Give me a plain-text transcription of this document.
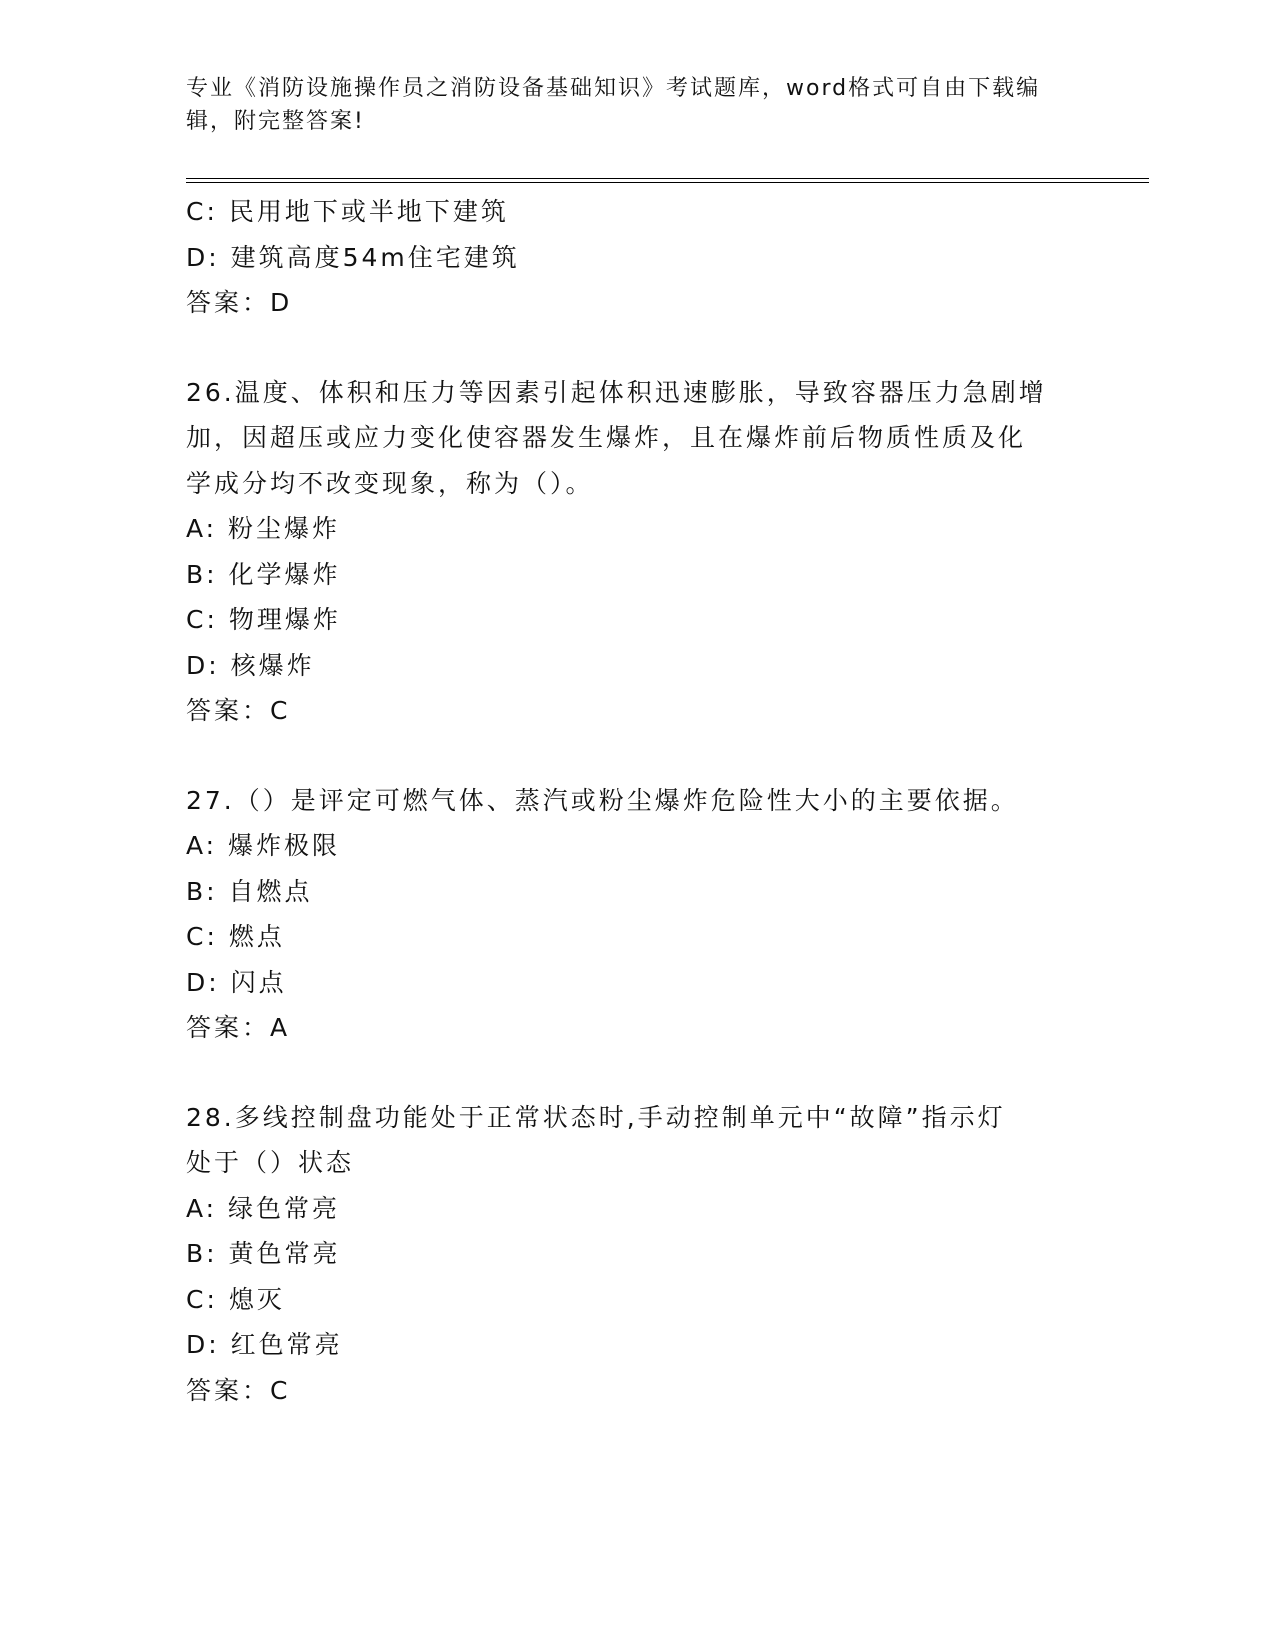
专业《消防设施操作员之消防设备基础知识》考试题库，word格式可自由下载编
辑，附完整答案!
C: 民用地下或半地下建筑
D: 建筑高度54m住宅建筑
答案：D
26.温度、体积和压力等因素引起体积迅速膨胀，导致容器压力急剧增
加，因超压或应力变化使容器发生爆炸，且在爆炸前后物质性质及化
学成分均不改变现象，称为（）。
A: 粉尘爆炸
B: 化学爆炸
C: 物理爆炸
D: 核爆炸
答案：C
27.（）是评定可燃气体、蒸汽或粉尘爆炸危险性大小的主要依据。
A: 爆炸极限
B: 自燃点
C: 燃点
D: 闪点
答案：A
28.多线控制盘功能处于正常状态时,手动控制单元中“故障”指示灯
处于（）状态
A: 绿色常亮
B: 黄色常亮
C: 熄灭
D: 红色常亮
答案：C
